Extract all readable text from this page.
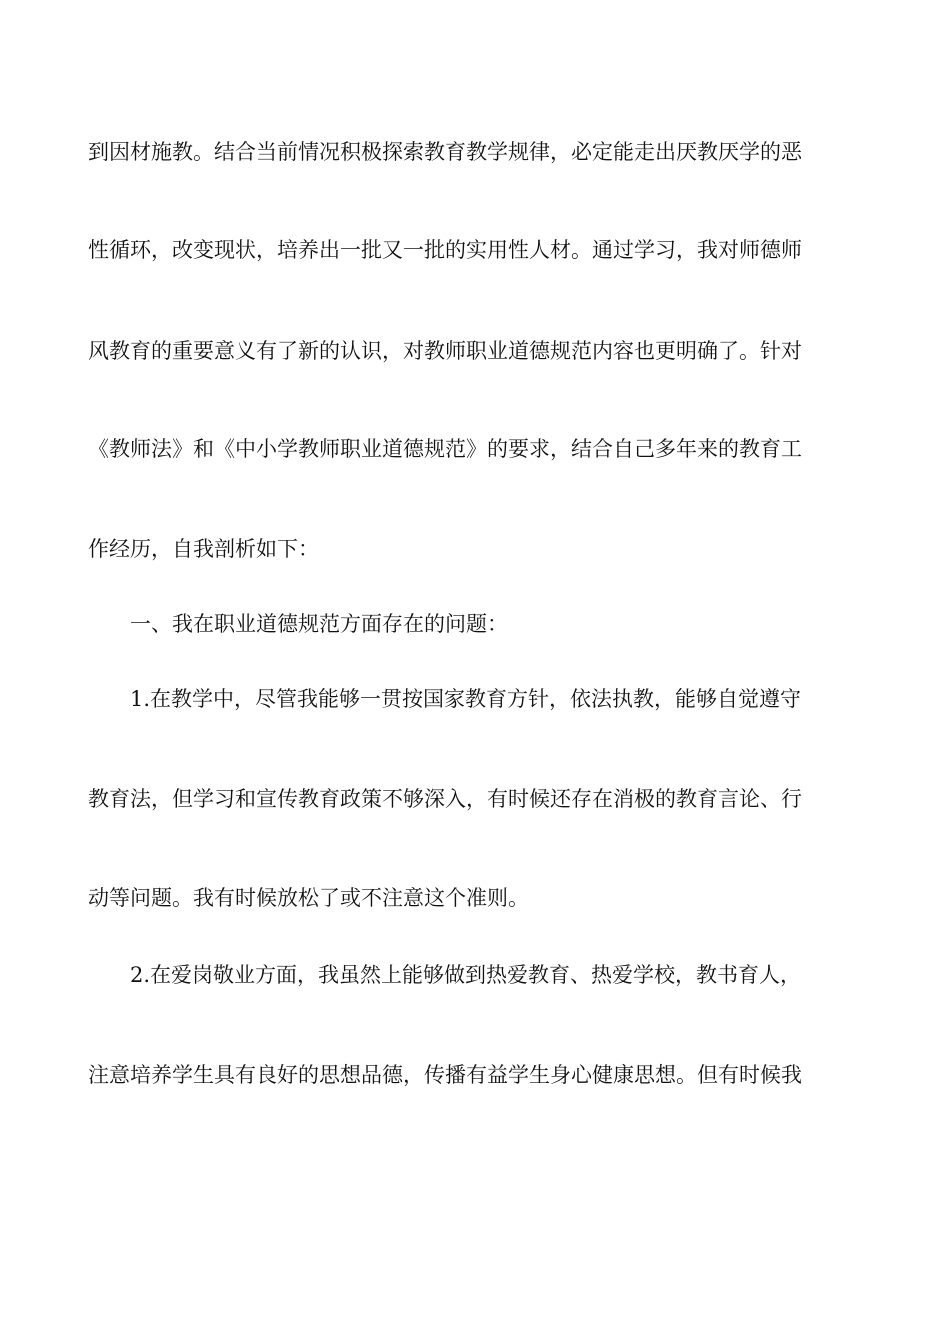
到因材施教。结合当前情况积极探索教育教学规律，必定能走出厌教厌学的恶
性循环，改变现状，培养出一批又一批的实用性人材。通过学习，我对师德师
风教育的重要意义有了新的认识，对教师职业道德规范内容也更明确了。针对
《教师法》和《中小学教师职业道德规范》的要求，结合自己多年来的教育工
作经历，自我剖析如下：
一、我在职业道德规范方面存在的问题：
1.在教学中，尽管我能够一贯按国家教育方针，依法执教，能够自觉遵守
教育法，但学习和宣传教育政策不够深入，有时候还存在消极的教育言论、行
动等问题。我有时候放松了或不注意这个准则。
2.在爱岗敬业方面，我虽然上能够做到热爱教育、热爱学校，教书育人，
注意培养学生具有良好的思想品德，传播有益学生身心健康思想。但有时候我
